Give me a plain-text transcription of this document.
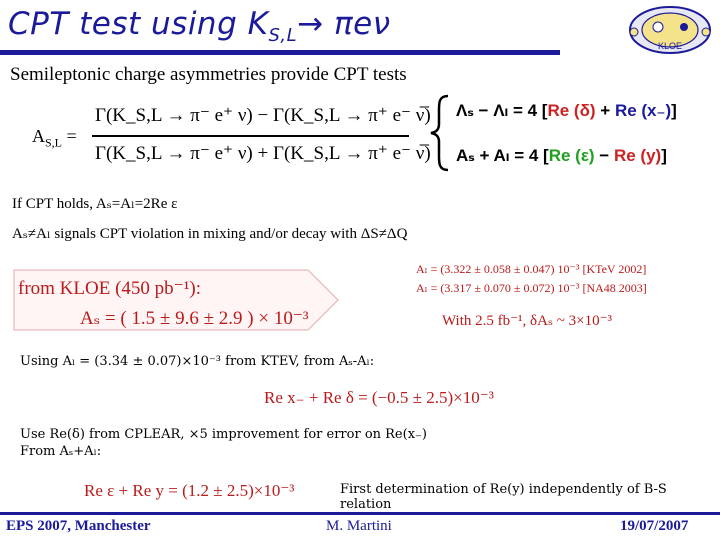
CPT test using $K_{S,L}\to \pi e\nu$
KLOE
Semileptonic charge asymmetries provide CPT tests
$A_{S,L}$ =
Γ(K_S,L → π⁻ e⁺ ν) − Γ(K_S,L → π⁺ e⁻ ν̅)
Γ(K_S,L → π⁻ e⁺ ν) + Γ(K_S,L → π⁺ e⁻ ν̅)
Λₛ − Λₗ = 4 [Re (δ) + Re (x₋)]
Aₛ + Aₗ = 4 [Re (ε) − Re (y)]
If CPT holds, Aₛ=Aₗ=2Re ε
Aₛ≠Aₗ signals CPT violation in mixing and/or decay with ΔS≠ΔQ
from KLOE (450 pb⁻¹):
Aₛ = ( 1.5 ± 9.6 ± 2.9 ) × 10⁻³
Aₗ = (3.322 ± 0.058 ± 0.047) 10⁻³ [KTeV 2002]
Aₗ = (3.317 ± 0.070 ± 0.072) 10⁻³ [NA48 2003]
With 2.5 fb⁻¹, δAₛ ~ 3×10⁻³
Using Aₗ = (3.34 ± 0.07)×10⁻³ from KTEV, from Aₛ-Aₗ:
Re x₋ + Re δ = (−0.5 ± 2.5)×10⁻³
Use Re(δ) from CPLEAR, ×5 improvement for error on Re(x₋)
From Aₛ+Aₗ:
Re ε + Re y = (1.2 ± 2.5)×10⁻³	First determination of Re(y) independently of B-S relation
EPS 2007, Manchester	M. Martini	19/07/2007
